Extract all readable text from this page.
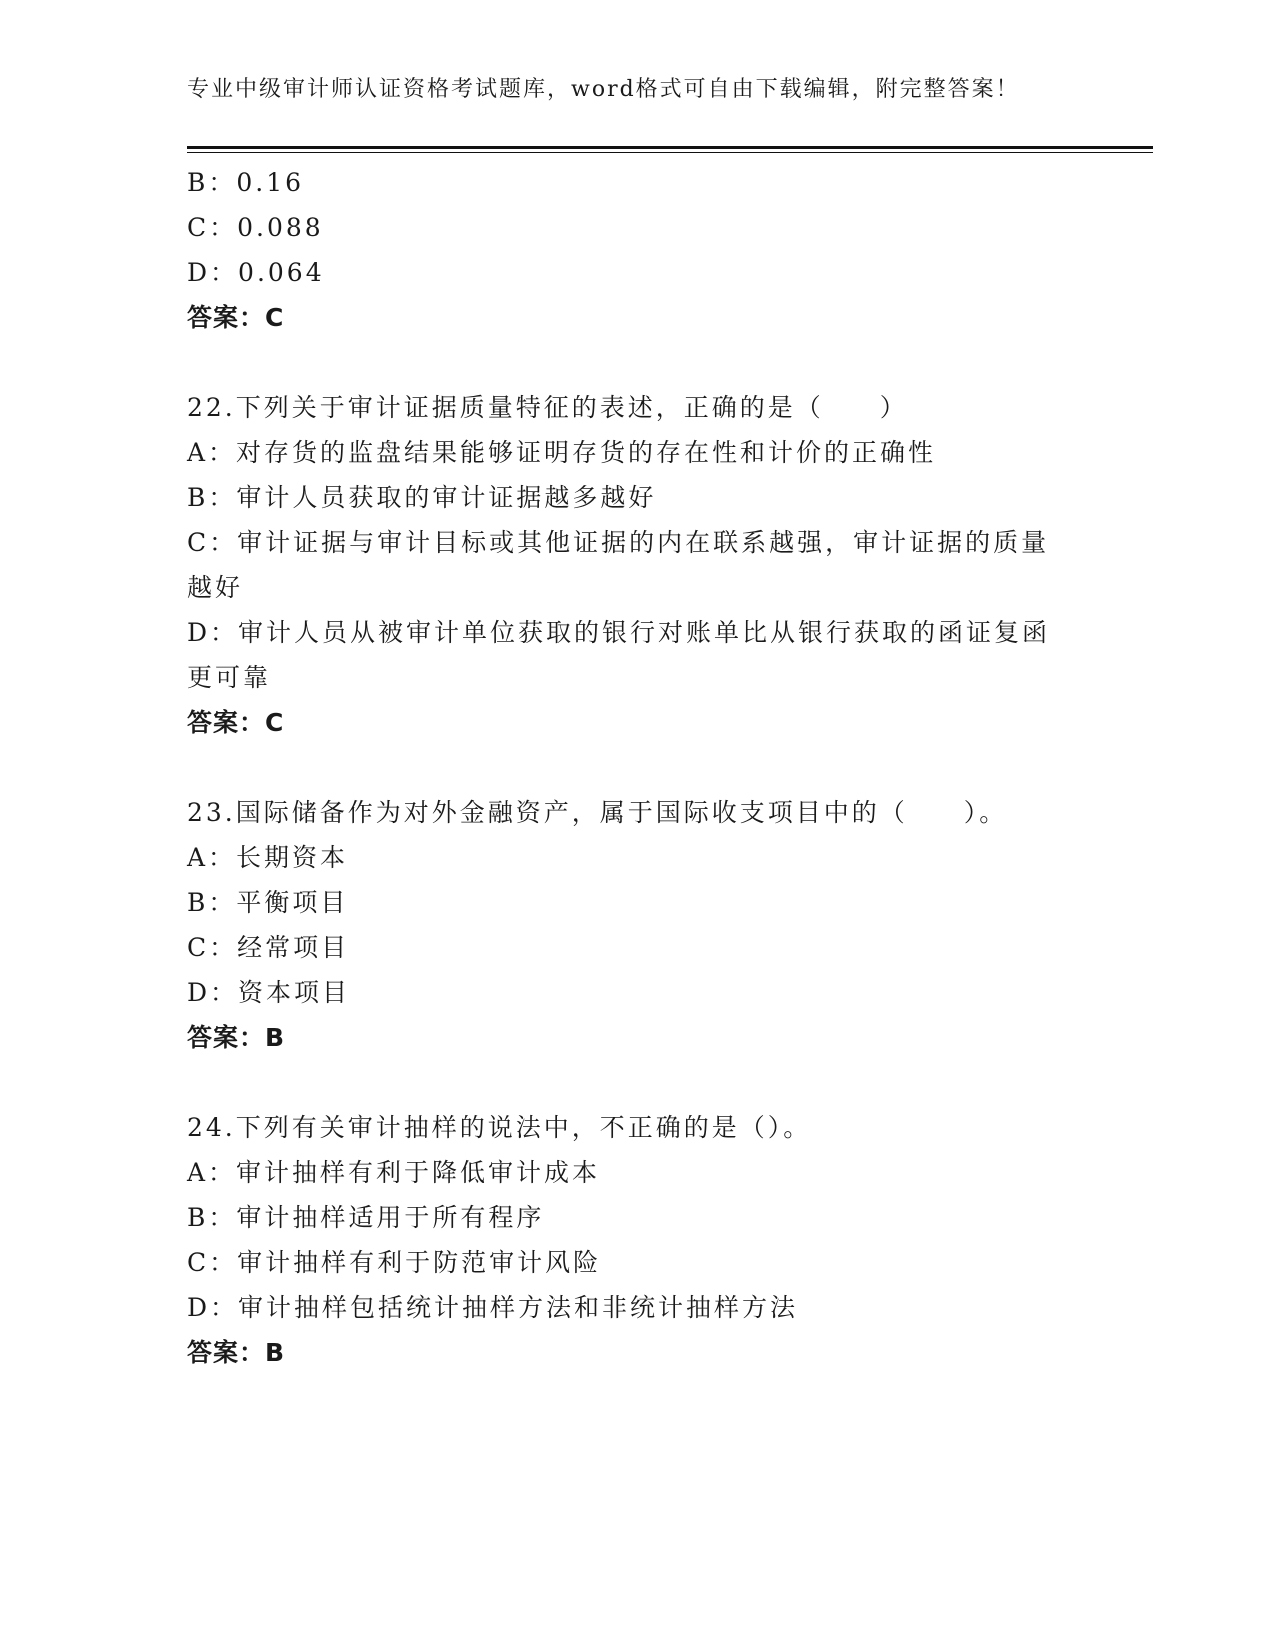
专业中级审计师认证资格考试题库，word格式可自由下载编辑，附完整答案！
B：0.16
C：0.088
D：0.064
答案：C
22.下列关于审计证据质量特征的表述，正确的是（　　）
A：对存货的监盘结果能够证明存货的存在性和计价的正确性
B：审计人员获取的审计证据越多越好
C：审计证据与审计目标或其他证据的内在联系越强，审计证据的质量
越好
D：审计人员从被审计单位获取的银行对账单比从银行获取的函证复函
更可靠
答案：C
23.国际储备作为对外金融资产，属于国际收支项目中的（　　）。
A：长期资本
B：平衡项目
C：经常项目
D：资本项目
答案：B
24.下列有关审计抽样的说法中，不正确的是（）。
A：审计抽样有利于降低审计成本
B：审计抽样适用于所有程序
C：审计抽样有利于防范审计风险
D：审计抽样包括统计抽样方法和非统计抽样方法
答案：B
